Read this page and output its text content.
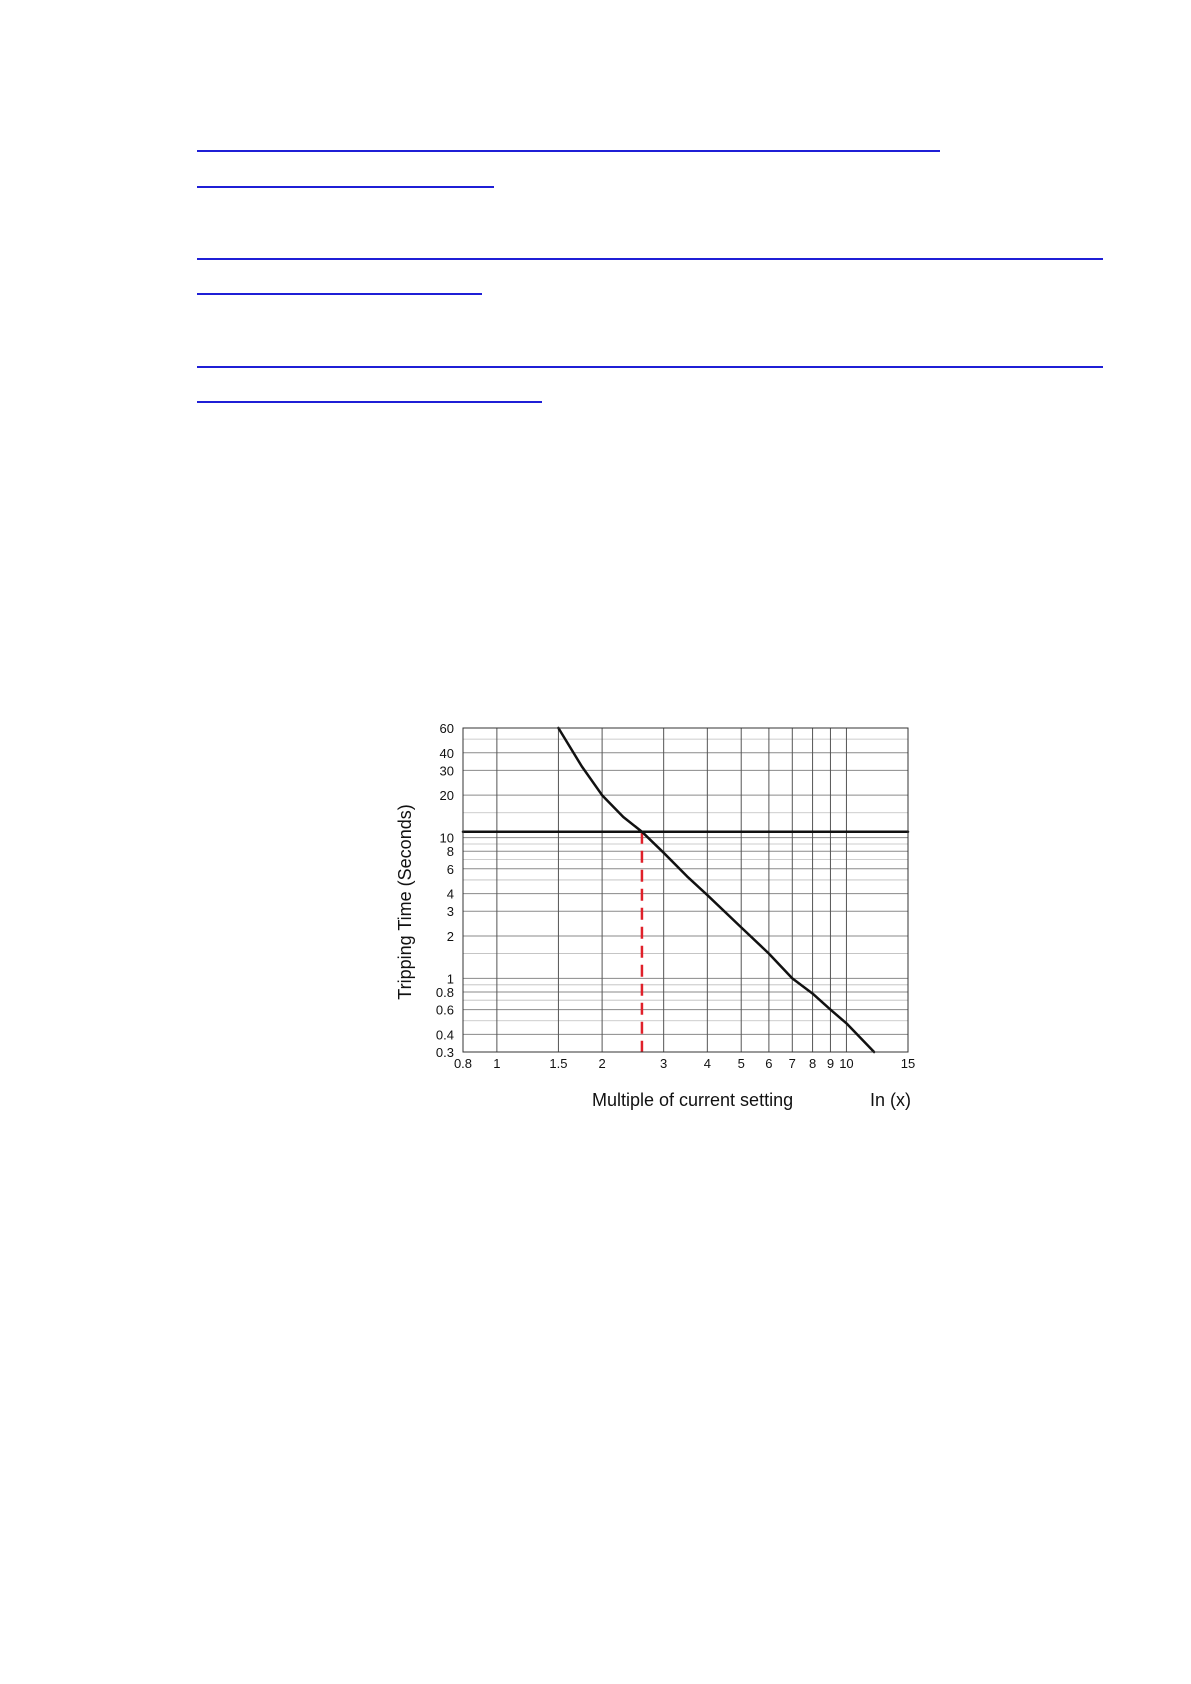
0.8 1	1.5 2	3	4 5 6 7 8 9 10	15
0.3
0.4
0.6
0.8
1
2
3
4
6
8
10
20
30
40
60
Multiple of current setting	In (x)
Tripping Time (Seconds)
